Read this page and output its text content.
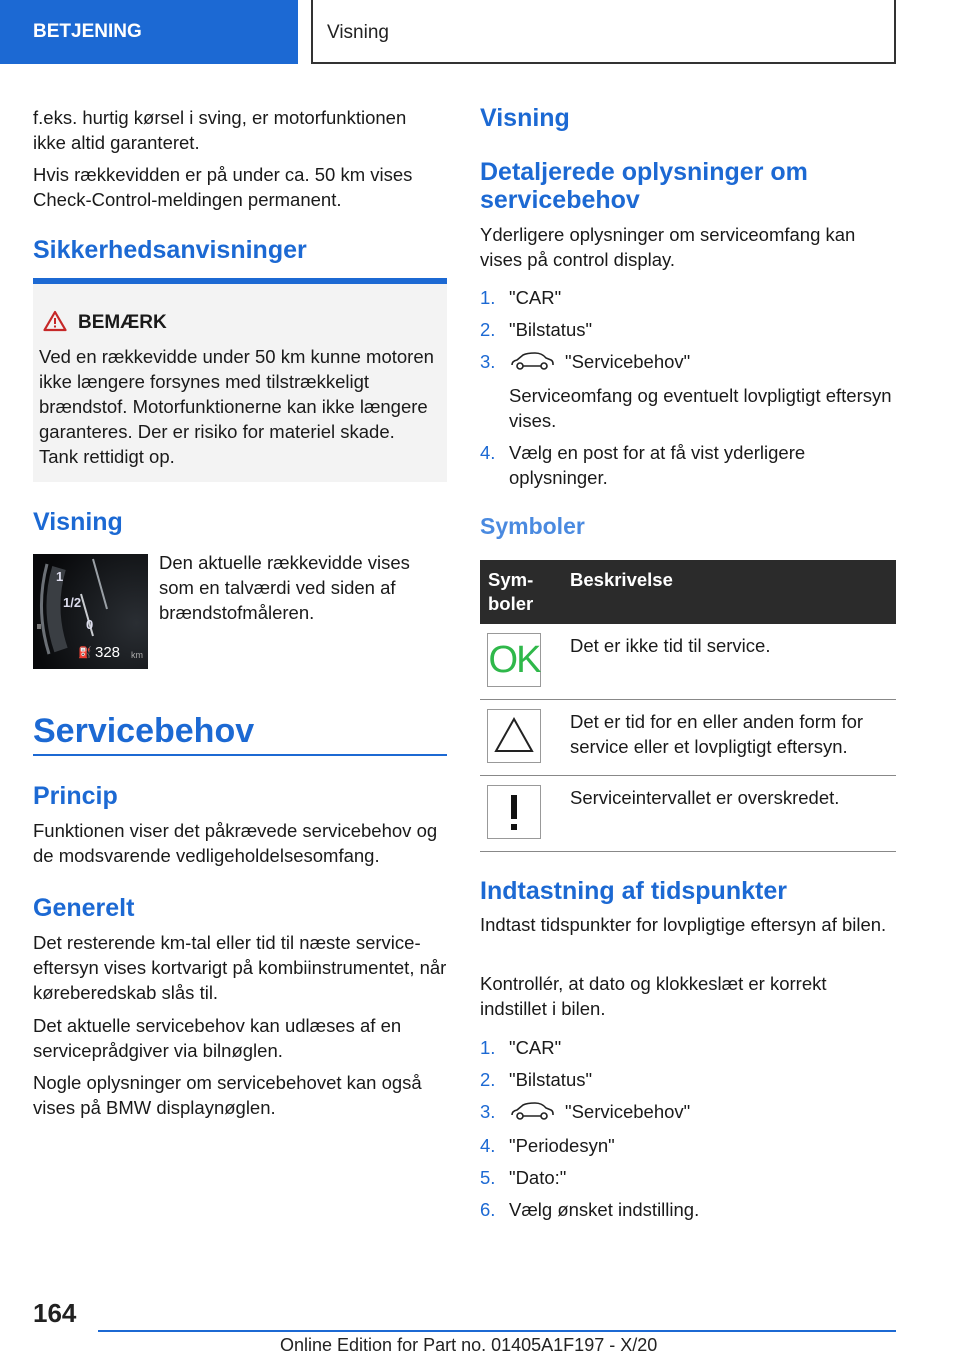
BETJENING	Visning

f.eks. hurtig kørsel i sving, er motorfunktionen ikke altid garanteret.

Hvis rækkevidden er på under ca. 50 km vises Check-Control-meldingen permanent.

Sikkerhedsanvisninger
BEMÆRK

Ved en rækkevidde under 50 km kunne motoren ikke længere forsynes med tilstrækkeligt brændstof. Motorfunktionerne kan ikke længere garanteres. Der er risiko for materiel skade. Tank rettidigt op.

Visning
1
1/2
0
⛽ 328 km

Den aktuelle rækkevidde vises som en talværdi ved siden af brændstofmåleren.

Servicebehov
Princip

Funktionen viser det påkrævede servicebehov og de modsvarende vedligeholdelsesomfang.

Generelt

Det resterende km-tal eller tid til næste service-eftersyn vises kortvarigt på kombiinstrumentet, når kørеberedskab slås til.

Det aktuelle servicebehov kan udlæses af en serviceрrådgiver via bilnøglen.

Nogle oplysninger om servicebehovet kan også vises på BMW displaynøglen.

Visning
Detaljerede oplysninger om servicebehov

Yderligere oplysninger om serviceomfang kan vises på control display.

1. "CAR"
2. "Bilstatus"
3.	"Servicebehov"
Serviceomfang og eventuelt lovpligtigt eftersyn vises.
4. Vælg en post for at få vist yderligere oplysninger.
Symboler
Sym-boler
Beskrivelse
OK Det er ikke tid til service.
Det er tid for en eller anden form for service eller et lovpligtigt eftersyn.
Serviceintervallet er overskredet.
Indtastning af tidspunkter

Indtast tidspunkter for lovpligtige eftersyn af bilen.

Kontrollér, at dato og klokkeslæt er korrekt indstillet i bilen.

1. "CAR"
2. "Bilstatus"
3.	"Servicebehov"
4. "Periodesyn"
5. "Dato:"
6. Vælg ønsket indstilling.
164
Online Edition for Part no. 01405A1F197 - X/20
